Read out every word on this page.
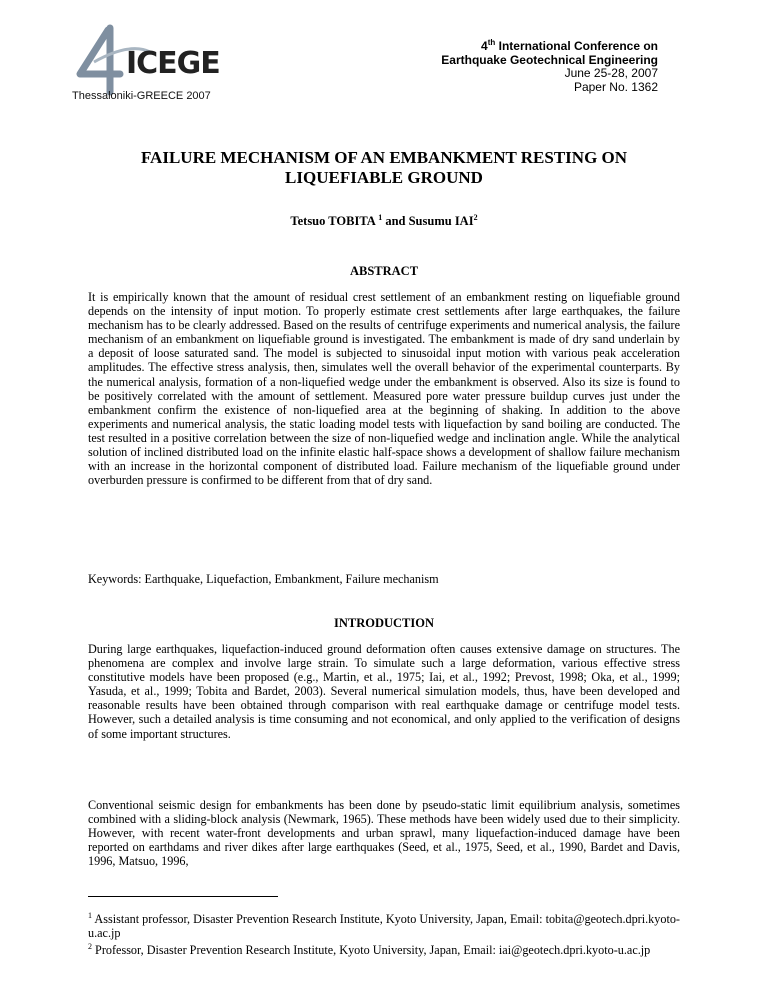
ICEGE
Thessaloniki-GREECE 2007
4th International Conference on
Earthquake Geotechnical Engineering
June 25-28, 2007
Paper No. 1362
FAILURE MECHANISM OF AN EMBANKMENT RESTING ON
LIQUEFIABLE GROUND
Tetsuo TOBITA $^1$ and Susumu IAI$^2$
ABSTRACT

It is empirically known that the amount of residual crest settlement of an embankment resting on liquefiable ground depends on the intensity of input motion. To properly estimate crest settlements after large earthquakes, the failure mechanism has to be clearly addressed. Based on the results of centrifuge experiments and numerical analysis, the failure mechanism of an embankment on liquefiable ground is investigated. The embankment is made of dry sand underlain by a deposit of loose saturated sand. The model is subjected to sinusoidal input motion with various peak acceleration amplitudes. The effective stress analysis, then, simulates well the overall behavior of the experimental counterparts. By the numerical analysis, formation of a non-liquefied wedge under the embankment is observed. Also its size is found to be positively correlated with the amount of settlement. Measured pore water pressure buildup curves just under the embankment confirm the existence of non-liquefied area at the beginning of shaking. In addition to the above experiments and numerical analysis, the static loading model tests with liquefaction by sand boiling are conducted. The test resulted in a positive correlation between the size of non-liquefied wedge and inclination angle. While the analytical solution of inclined distributed load on the infinite elastic half-space shows a development of shallow failure mechanism with an increase in the horizontal component of distributed load. Failure mechanism of the liquefiable ground under overburden pressure is confirmed to be different from that of dry sand.

Keywords: Earthquake, Liquefaction, Embankment, Failure mechanism

INTRODUCTION

During large earthquakes, liquefaction-induced ground deformation often causes extensive damage on structures. The phenomena are complex and involve large strain. To simulate such a large deformation, various effective stress constitutive models have been proposed (e.g., Martin, et al., 1975; Iai, et al., 1992; Prevost, 1998; Oka, et al., 1999; Yasuda, et al., 1999; Tobita and Bardet, 2003). Several numerical simulation models, thus, have been developed and reasonable results have been obtained through comparison with real earthquake damage or centrifuge model tests. However, such a detailed analysis is time consuming and not economical, and only applied to the verification of designs of some important structures.

Conventional seismic design for embankments has been done by pseudo-static limit equilibrium analysis, sometimes combined with a sliding-block analysis (Newmark, 1965). These methods have been widely used due to their simplicity. However, with recent water-front developments and urban sprawl, many liquefaction-induced damage have been reported on earthdams and river dikes after large earthquakes (Seed, et al., 1975, Seed, et al., 1990, Bardet and Davis, 1996, Matsuo, 1996,

$^1$ Assistant professor, Disaster Prevention Research Institute, Kyoto University, Japan, Email: tobita@geotech.dpri.kyoto-u.ac.jp

$^2$ Professor, Disaster Prevention Research Institute, Kyoto University, Japan, Email: iai@geotech.dpri.kyoto-u.ac.jp
